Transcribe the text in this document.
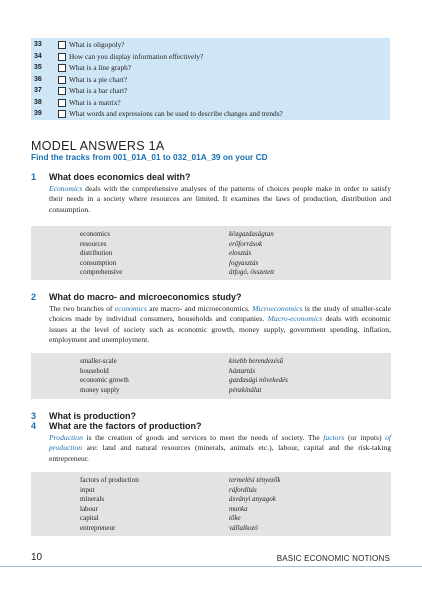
33	What is oligopoly?
34	How can you display information effectively?
35	What is a line graph?
36	What is a pie chart?
37	What is a bar chart?
38	What is a matrix?
39	What words and expressions can be used to describe changes and trends?
MODEL ANSWERS 1A
Find the tracks from 001_01A_01 to 032_01A_39 on your CD
1 What does economics deal with?
Economics deals with the comprehensive analyses of the patterns of choices people make in order to satisfy their needs in a society where resources are limited. It examines the laws of production, distribution and consumption.
economics	közgazdaságtan
resources	erőforrások
distribution	elosztás
consumption	fogyasztás
comprehensive	átfogó, összetett
2 What do macro- and microeconomics study?
The two branches of economics are macro- and microeconomics. Microeconomics is the study of smaller-scale choices made by individual consumers, households and companies. Macro-economics deals with economic issues at the level of society such as economic growth, money supply, government spending, inflation, employment and unemployment.
smaller-scale	kisebb berendezésű
household	háztartás
economic growth	gazdasági növekedés
money supply	pénzkínálat
3 What is production?
4 What are the factors of production?
Production is the creation of goods and services to meet the needs of society. The factors (or inputs) of production are: land and natural resources (minerals, animals etc.), labour, capital and the risk-taking entrepreneur.
factors of production	termelési tényezők
input	ráfordítás
minerals	ásványi anyagok
labour	munka
capital	tőke
entrepreneur	vállalkozó
10	BASIC ECONOMIC NOTIONS
